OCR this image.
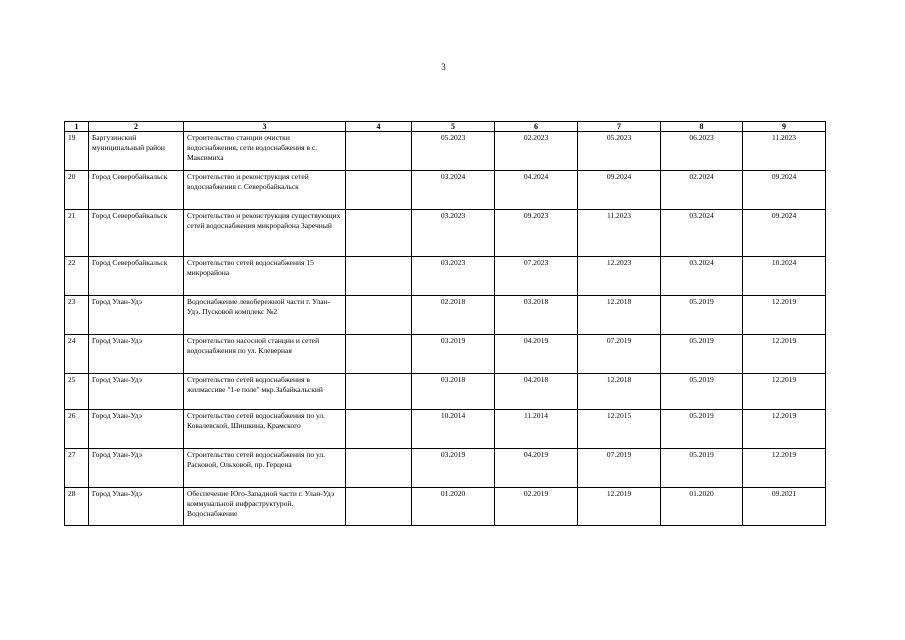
3
1	2	3	4	5	6	7	8	9
19	Баргузинский муниципальный район	Строительство станции очистки водоснабжения, сети водоснабжения в с. Максимиха		05.2023	02.2023	05.2023	06.2023	11.2023
20	Город Северобайкальск	Строительство и реконструкция сетей водоснабжения г. Северобайкальск		03.2024	04.2024	09.2024	02.2024	09.2024
21	Город Северобайкальск	Строительство и реконструкция существующих сетей водоснабжения микрорайона Заречный		03.2023	09.2023	11.2023	03.2024	09.2024
22	Город Северобайкальск	Строительство сетей водоснабжения 15 микрорайона		03.2023	07.2023	12.2023	03.2024	10.2024
23	Город Улан-Удэ	Водоснабжение левобережной части г. Улан-Удэ. Пусковой комплекс №2		02.2018	03.2018	12.2018	05.2019	12.2019
24	Город Улан-Удэ	Строительство насосной станции и сетей водоснабжения по ул. Клеверная		03.2019	04.2019	07.2019	05.2019	12.2019
25	Город Улан-Удэ	Строительство сетей водоснабжения в жилмассиве "1-е поле" мкр.Забайкальский		03.2018	04.2018	12.2018	05.2019	12.2019
26	Город Улан-Удэ	Строительство сетей водоснабжения по ул. Ковалевской, Шишкина, Крамского		10.2014	11.2014	12.2015	05.2019	12.2019
27	Город Улан-Удэ	Строительство сетей водоснабжения по ул. Расковой, Ольховой, пр. Герцена		03.2019	04.2019	07.2019	05.2019	12.2019
28	Город Улан-Удэ	Обеспечение Юго-Западной части г. Улан-Удэ коммунальной инфраструктурой. Водоснабжение		01.2020	02.2019	12.2019	01.2020	09.2021
